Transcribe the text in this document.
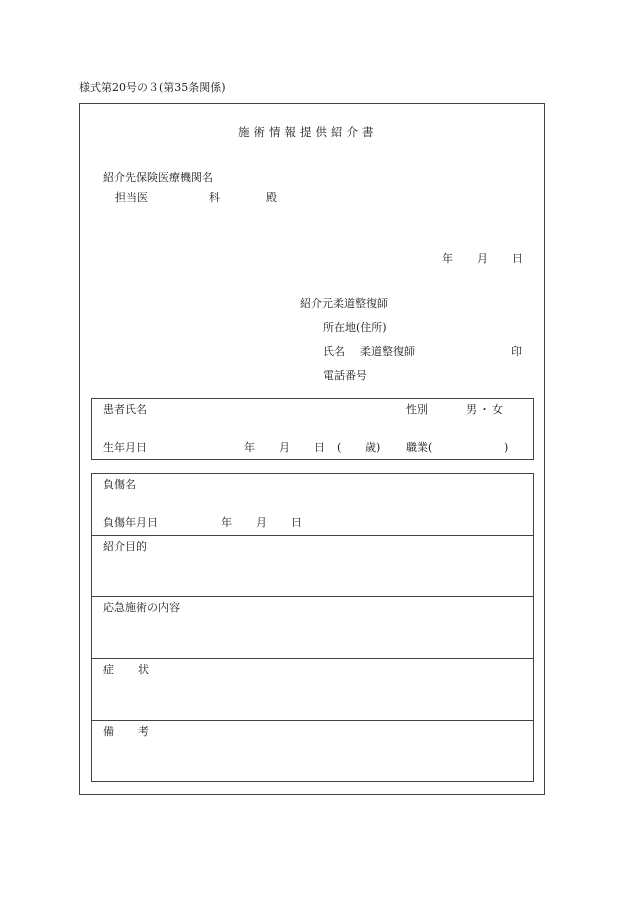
様式第20号の３(第35条関係)
施術情報提供紹介書
紹介先保険医療機関名
担当医	科	殿
年 月 日
紹介元柔道整復師
所在地(住所)
氏名 柔道整復師	印
電話番号
患者氏名	性別	男・女
生年月日	年 月 日 ( 歳) 職業(	)
負傷名
負傷年月日	年 月 日
紹介目的
応急施術の内容
症 状
備 考
